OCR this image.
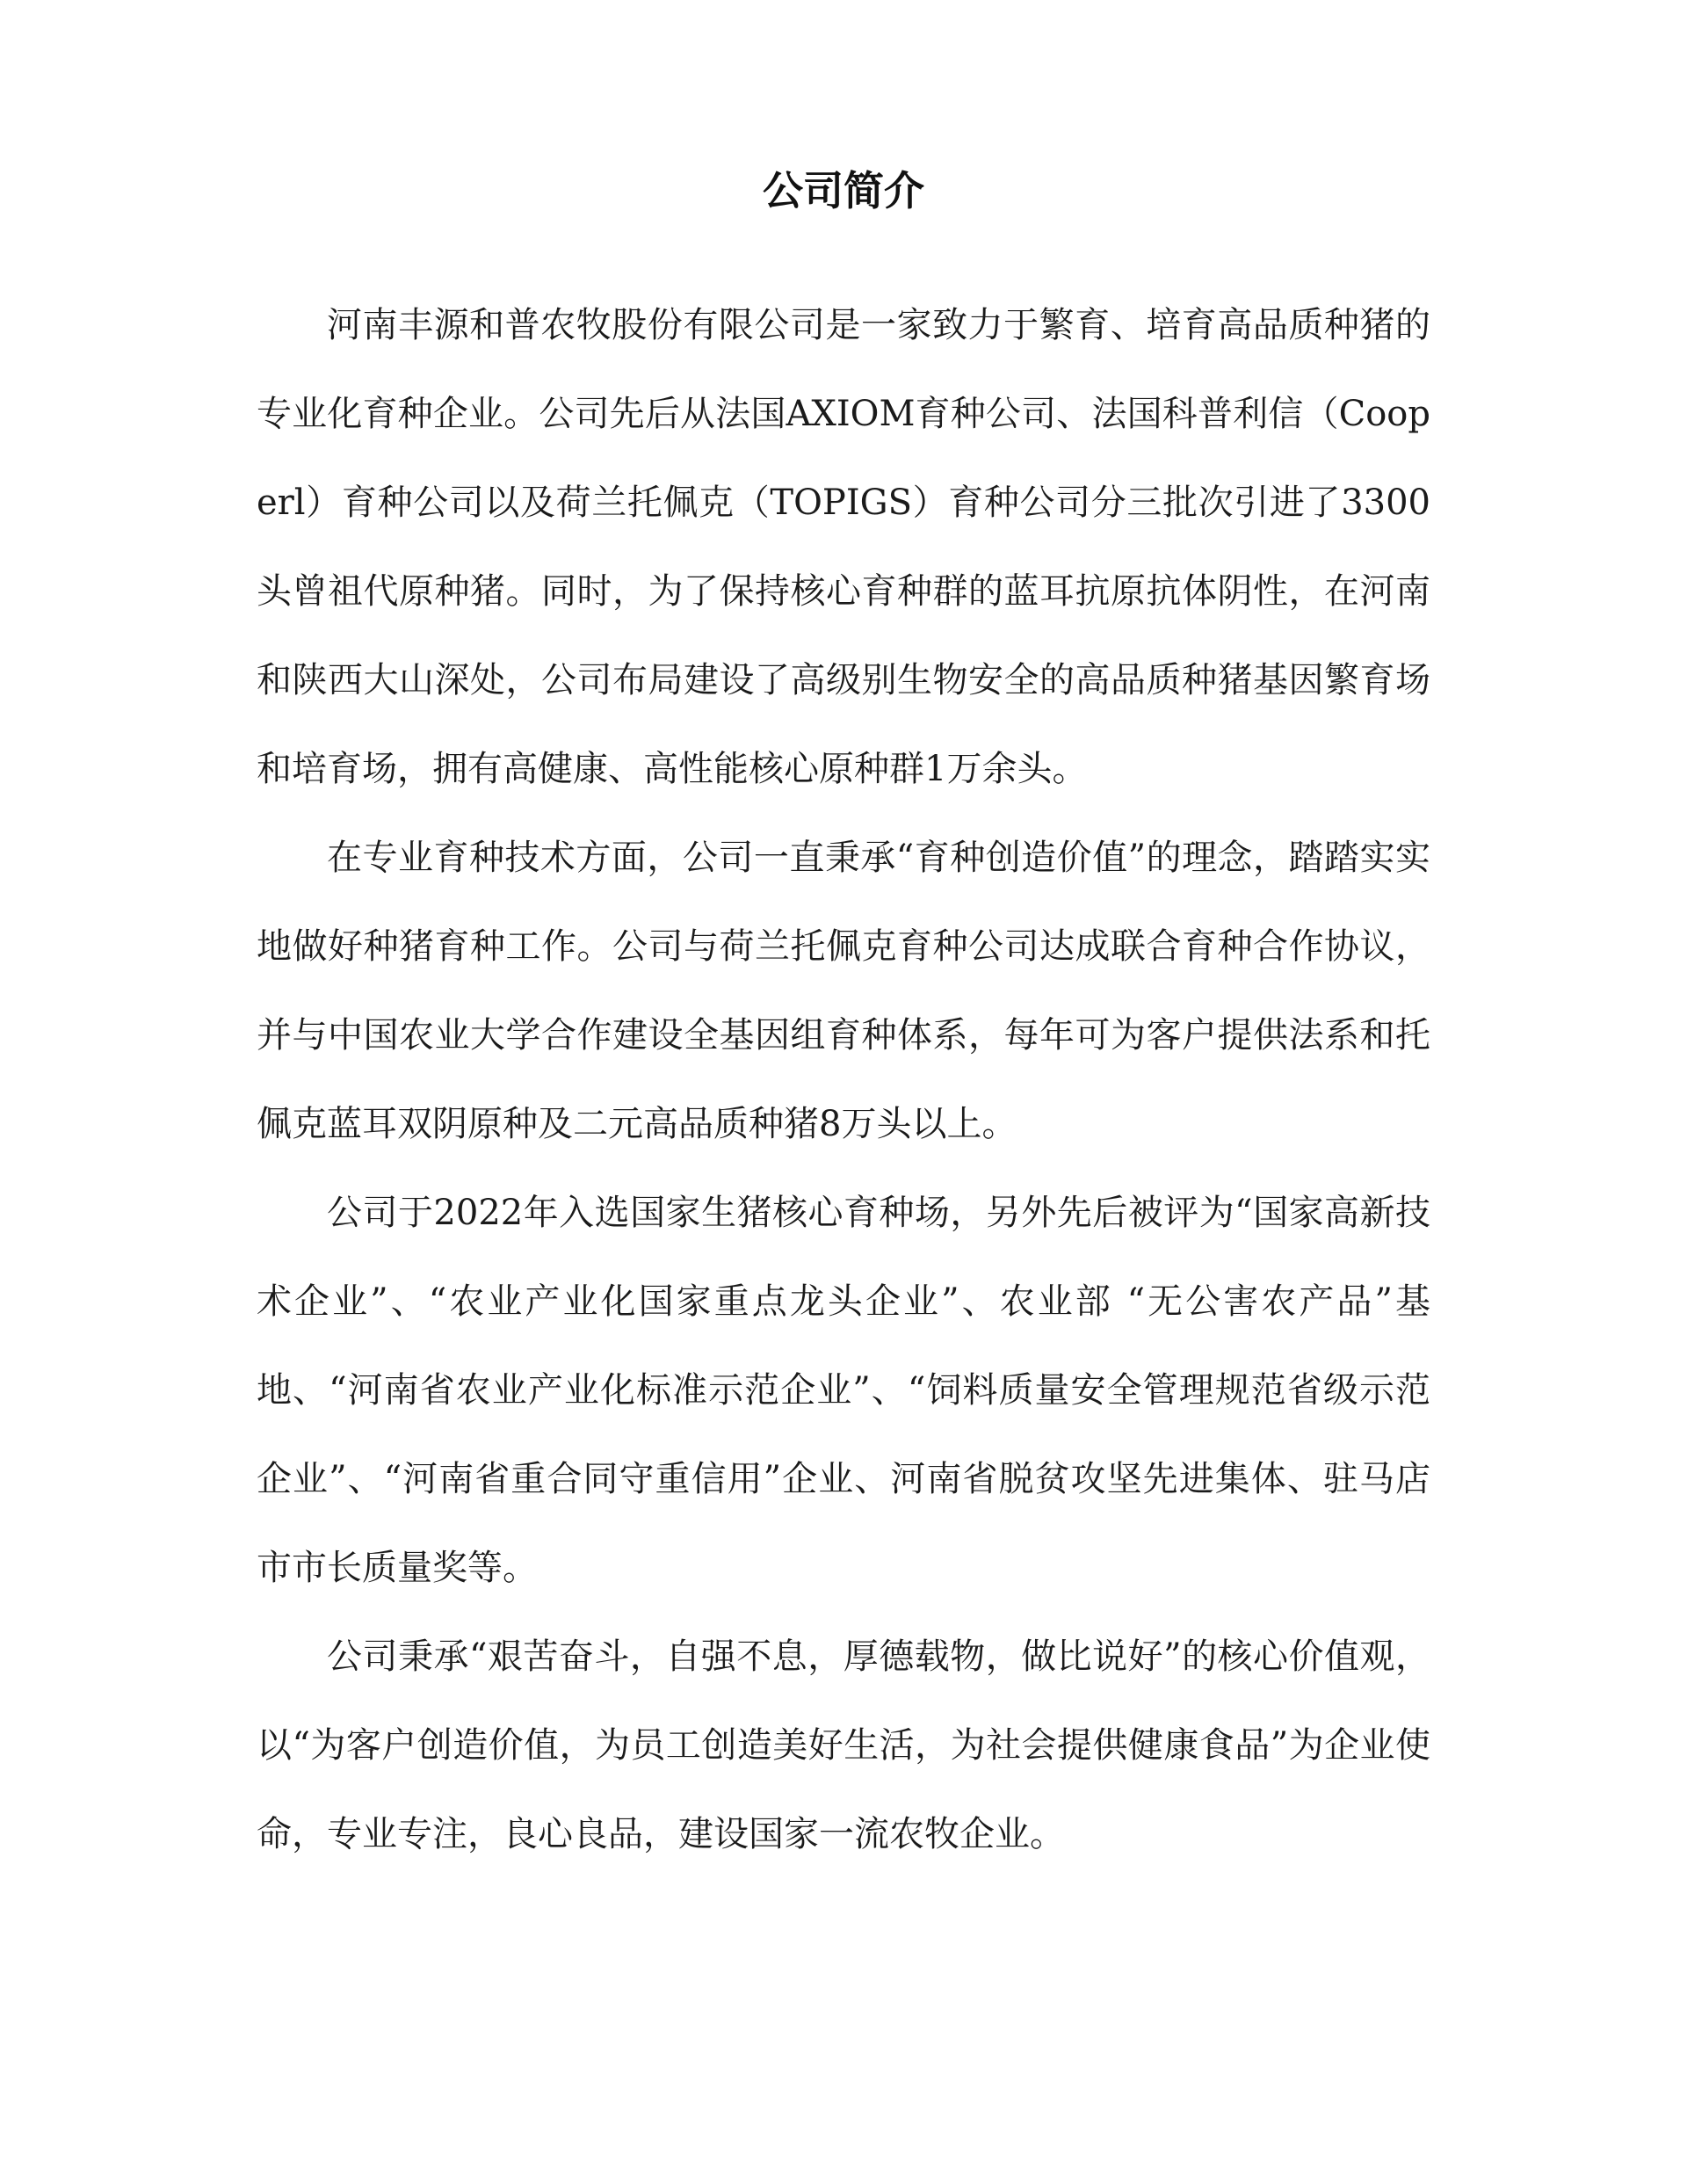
公司简介

河南丰源和普农牧股份有限公司是一家致力于繁育、培育高品质种猪的专业化育种企业。公司先后从法国AXIOM育种公司、法国科普利信（Cooperl）育种公司以及荷兰托佩克（TOPIGS）育种公司分三批次引进了3300头曾祖代原种猪。同时，为了保持核心育种群的蓝耳抗原抗体阴性，在河南和陕西大山深处，公司布局建设了高级别生物安全的高品质种猪基因繁育场和培育场，拥有高健康、高性能核心原种群1万余头。

在专业育种技术方面，公司一直秉承“育种创造价值”的理念，踏踏实实地做好种猪育种工作。公司与荷兰托佩克育种公司达成联合育种合作协议，并与中国农业大学合作建设全基因组育种体系，每年可为客户提供法系和托佩克蓝耳双阴原种及二元高品质种猪8万头以上。

公司于2022年入选国家生猪核心育种场，另外先后被评为“国家高新技术企业”、“农业产业化国家重点龙头企业”、农业部 “无公害农产品”基地、“河南省农业产业化标准示范企业”、“饲料质量安全管理规范省级示范企业”、“河南省重合同守重信用”企业、河南省脱贫攻坚先进集体、驻马店市市长质量奖等。

公司秉承“艰苦奋斗，自强不息，厚德载物，做比说好”的核心价值观，以“为客户创造价值，为员工创造美好生活，为社会提供健康食品”为企业使命，专业专注，良心良品，建设国家一流农牧企业。
